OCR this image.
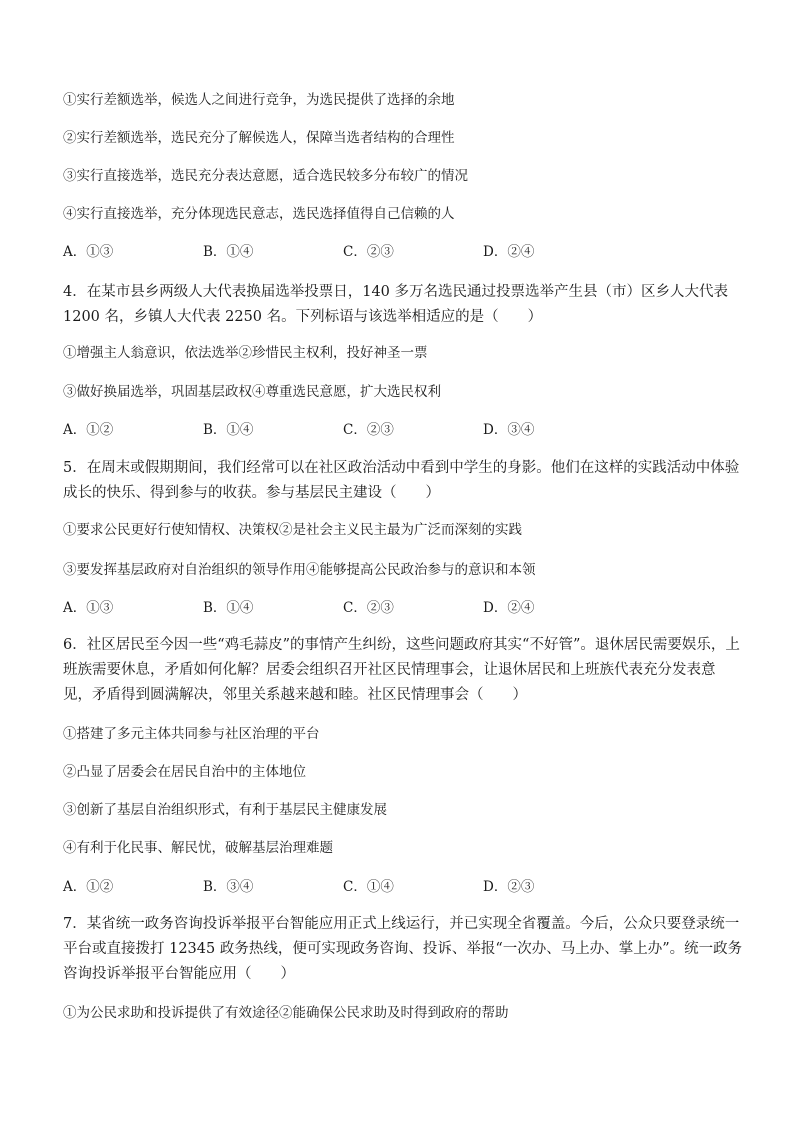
①实行差额选举，候选人之间进行竞争，为选民提供了选择的余地
②实行差额选举，选民充分了解候选人，保障当选者结构的合理性
③实行直接选举，选民充分表达意愿，适合选民较多分布较广的情况
④实行直接选举，充分体现选民意志，选民选择值得自己信赖的人
A．①③	B．①④	C．②③	D．②④
4．在某市县乡两级人大代表换届选举投票日，140 多万名选民通过投票选举产生县（市）区乡人大代表 1200 名，乡镇人大代表 2250 名。下列标语与该选举相适应的是（　　）
①增强主人翁意识，依法选举②珍惜民主权利，投好神圣一票
③做好换届选举，巩固基层政权④尊重选民意愿，扩大选民权利
A．①②	B．①④	C．②③	D．③④
5．在周末或假期期间，我们经常可以在社区政治活动中看到中学生的身影。他们在这样的实践活动中体验成长的快乐、得到参与的收获。参与基层民主建设（　　）
①要求公民更好行使知情权、决策权②是社会主义民主最为广泛而深刻的实践
③要发挥基层政府对自治组织的领导作用④能够提高公民政治参与的意识和本领
A．①③	B．①④	C．②③	D．②④
6．社区居民至今因一些“鸡毛蒜皮”的事情产生纠纷，这些问题政府其实“不好管”。退休居民需要娱乐，上班族需要休息，矛盾如何化解？居委会组织召开社区民情理事会，让退休居民和上班族代表充分发表意见，矛盾得到圆满解决，邻里关系越来越和睦。社区民情理事会（　　）
①搭建了多元主体共同参与社区治理的平台
②凸显了居委会在居民自治中的主体地位
③创新了基层自治组织形式，有利于基层民主健康发展
④有利于化民事、解民忧，破解基层治理难题
A．①②	B．③④	C．①④	D．②③
7．某省统一政务咨询投诉举报平台智能应用正式上线运行，并已实现全省覆盖。今后，公众只要登录统一平台或直接拨打 12345 政务热线，便可实现政务咨询、投诉、举报“一次办、马上办、掌上办”。统一政务咨询投诉举报平台智能应用（　　）
①为公民求助和投诉提供了有效途径②能确保公民求助及时得到政府的帮助
